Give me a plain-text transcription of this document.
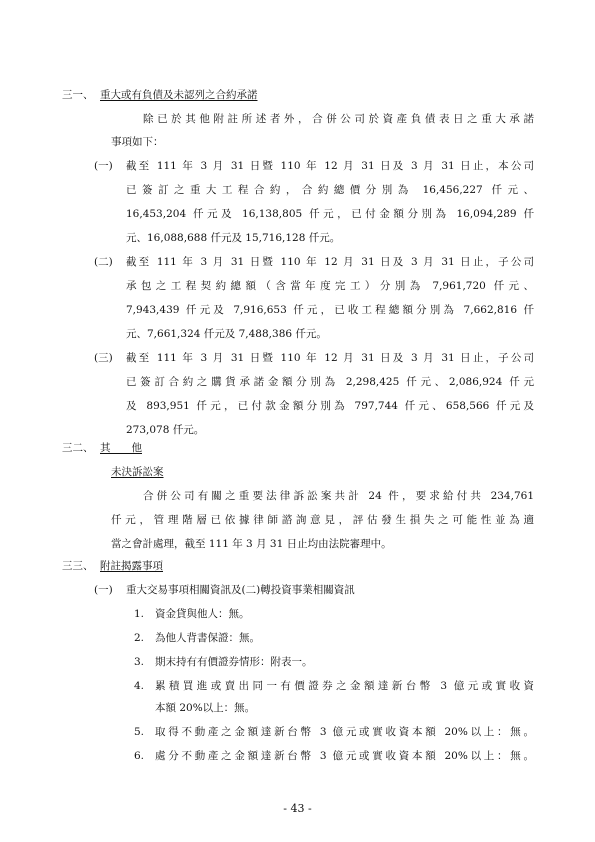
三一、 重大或有負債及未認列之合約承諾
除已於其他附註所述者外，合併公司於資產負債表日之重大承諾
事項如下：
(一) 截至 111 年 3 月 31 日暨 110 年 12 月 31 日及 3 月 31 日止，本公司
已簽訂之重大工程合約，合約總價分別為 16,456,227 仟元、
16,453,204 仟元及 16,138,805 仟元，已付金額分別為 16,094,289 仟
元、16,088,688 仟元及 15,716,128 仟元。
(二) 截至 111 年 3 月 31 日暨 110 年 12 月 31 日及 3 月 31 日止，子公司
承包之工程契約總額（含當年度完工）分別為 7,961,720 仟元、
7,943,439 仟元及 7,916,653 仟元，已收工程總額分別為 7,662,816 仟
元、7,661,324 仟元及 7,488,386 仟元。
(三) 截至 111 年 3 月 31 日暨 110 年 12 月 31 日及 3 月 31 日止，子公司
已簽訂合約之購貨承諾金額分別為 2,298,425 仟元、2,086,924 仟元
及 893,951 仟元，已付款金額分別為 797,744 仟元、658,566 仟元及
273,078 仟元。
三二、 其　　他
未決訴訟案
合併公司有關之重要法律訴訟案共計 24 件，要求給付共 234,761
仟元，管理階層已依據律師諮詢意見，評估發生損失之可能性並為適
當之會計處理，截至 111 年 3 月 31 日止均由法院審理中。
三三、 附註揭露事項
(一) 重大交易事項相關資訊及(二)轉投資事業相關資訊
1. 資金貸與他人：無。
2. 為他人背書保證：無。
3. 期末持有有價證券情形：附表一。
4. 累積買進或賣出同一有價證券之金額達新台幣 3 億元或實收資
本額 20%以上：無。
5. 取得不動產之金額達新台幣 3 億元或實收資本額 20%以上：無。
6. 處分不動產之金額達新台幣 3 億元或實收資本額 20%以上：無。
- 43 -
